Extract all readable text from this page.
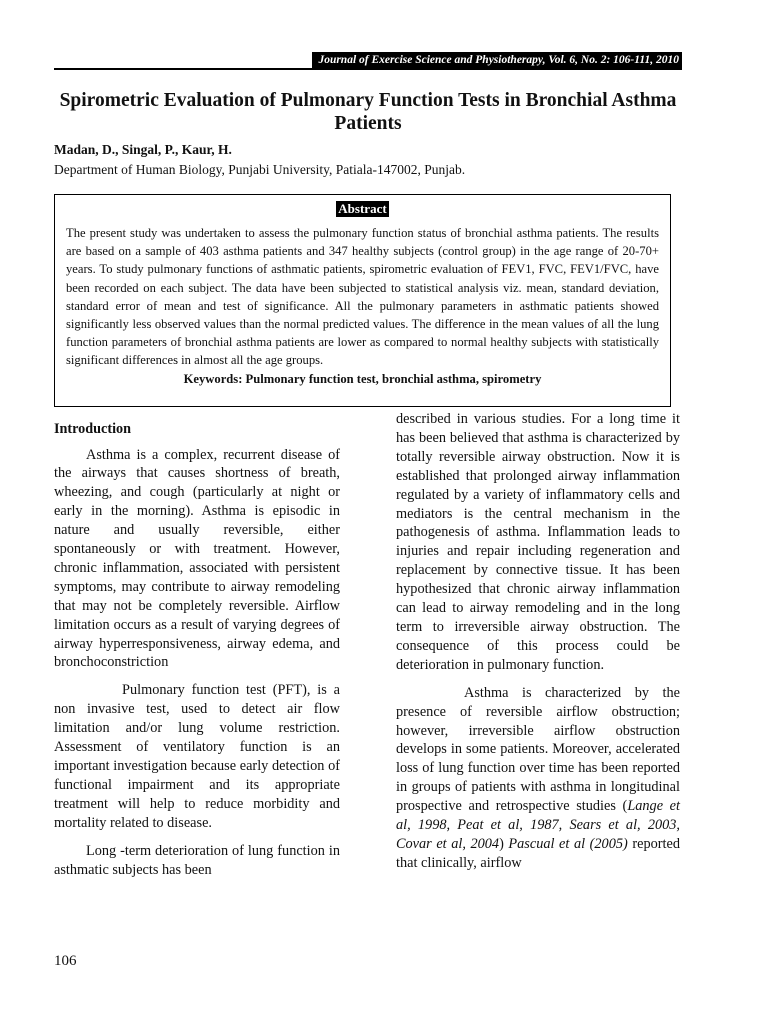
Journal of Exercise Science and Physiotherapy, Vol. 6, No. 2: 106-111, 2010
Spirometric Evaluation of Pulmonary Function Tests in Bronchial Asthma Patients
Madan, D., Singal, P., Kaur, H.
Department of Human Biology, Punjabi University, Patiala-147002, Punjab.
Abstract
The present study was undertaken to assess the pulmonary function status of bronchial asthma patients. The results are based on a sample of 403 asthma patients and 347 healthy subjects (control group) in the age range of 20-70+ years. To study pulmonary functions of asthmatic patients, spirometric evaluation of FEV1, FVC, FEV1/FVC, have been recorded on each subject. The data have been subjected to statistical analysis viz. mean, standard deviation, standard error of mean and test of significance. All the pulmonary parameters in asthmatic patients showed significantly less observed values than the normal predicted values. The difference in the mean values of all the lung function parameters of bronchial asthma patients are lower as compared to normal healthy subjects with statistically significant differences in almost all the age groups.
Keywords: Pulmonary function test, bronchial asthma, spirometry
Introduction

Asthma is a complex, recurrent disease of the airways that causes shortness of breath, wheezing, and cough (particularly at night or early in the morning). Asthma is episodic in nature and usually reversible, either spontaneously or with treatment. However, chronic inflammation, associated with persistent symptoms, may contribute to airway remodeling that may not be completely reversible. Airflow limitation occurs as a result of varying degrees of airway hyperresponsiveness, airway edema, and bronchoconstriction

Pulmonary function test (PFT), is a non invasive test, used to detect air flow limitation and/or lung volume restriction. Assessment of ventilatory function is an important investigation because early detection of functional impairment and its appropriate treatment will help to reduce morbidity and mortality related to disease.

Long -term deterioration of lung function in asthmatic subjects has been

described in various studies. For a long time it has been believed that asthma is characterized by totally reversible airway obstruction. Now it is established that prolonged airway inflammation regulated by a variety of inflammatory cells and mediators is the central mechanism in the pathogenesis of asthma. Inflammation leads to injuries and repair including regeneration and replacement by connective tissue. It has been hypothesized that chronic airway inflammation can lead to airway remodeling and in the long term to irreversible airway obstruction. The consequence of this process could be deterioration in pulmonary function.

Asthma is characterized by the presence of reversible airflow obstruction; however, irreversible airflow obstruction develops in some patients. Moreover, accelerated loss of lung function over time has been reported in groups of patients with asthma in longitudinal prospective and retrospective studies (Lange et al, 1998, Peat et al, 1987, Sears et al, 2003, Covar et al, 2004) Pascual et al (2005) reported that clinically, airflow

106
